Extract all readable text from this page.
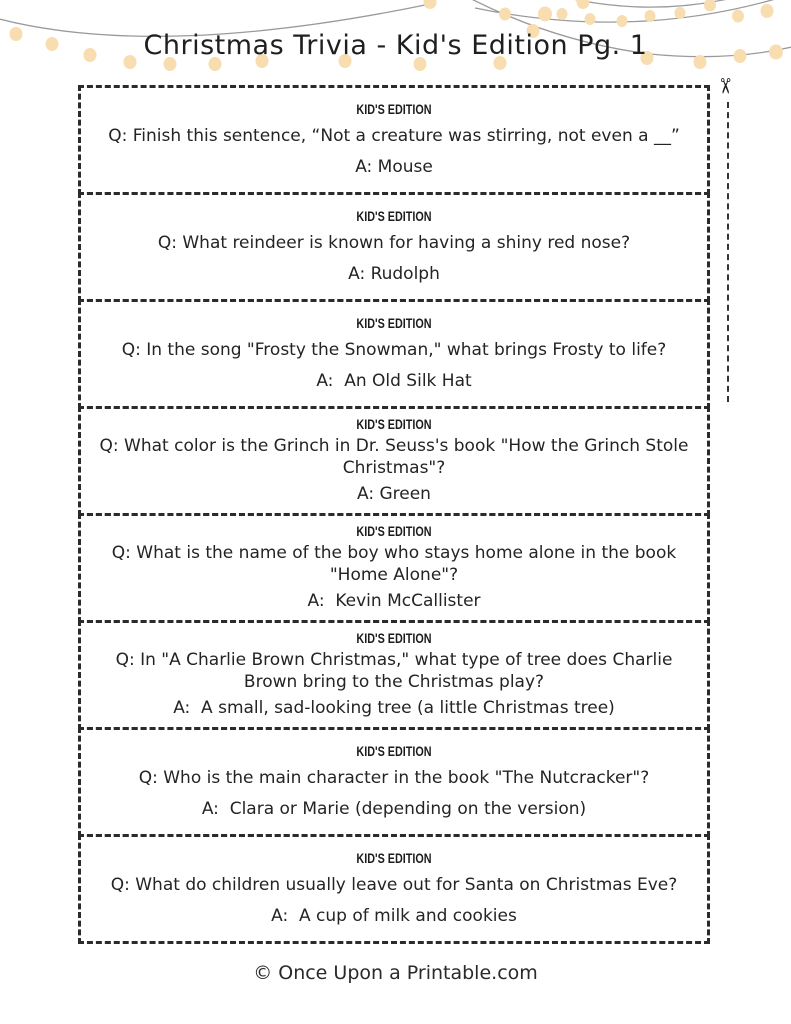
Christmas Trivia - Kid's Edition Pg. 1
✂
KID'S EDITION
Q: Finish this sentence, “Not a creature was stirring, not even a __”
A: Mouse
KID'S EDITION
Q: What reindeer is known for having a shiny red nose?
A: Rudolph
KID'S EDITION
Q: In the song "Frosty the Snowman," what brings Frosty to life?
A:  An Old Silk Hat
KID'S EDITION
Q: What color is the Grinch in Dr. Seuss's book "How the Grinch Stole Christmas"?
A: Green
KID'S EDITION
Q: What is the name of the boy who stays home alone in the book "Home Alone"?
A:  Kevin McCallister
KID'S EDITION
Q: In "A Charlie Brown Christmas," what type of tree does Charlie Brown bring to the Christmas play?
A:  A small, sad-looking tree (a little Christmas tree)
KID'S EDITION
Q: Who is the main character in the book "The Nutcracker"?
A:  Clara or Marie (depending on the version)
KID'S EDITION
Q: What do children usually leave out for Santa on Christmas Eve?
A:  A cup of milk and cookies
© Once Upon a Printable.com
